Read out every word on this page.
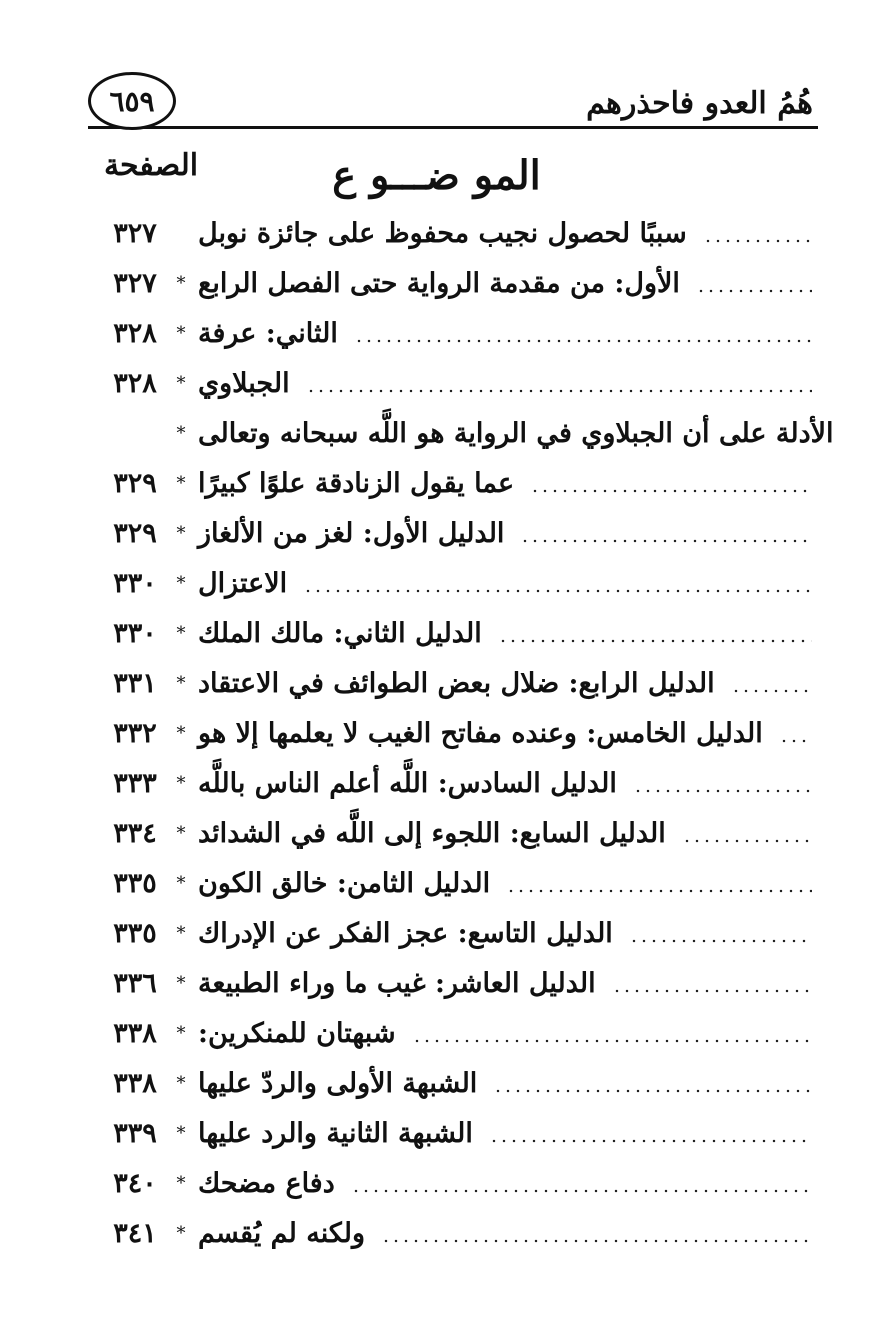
٦٥٩	هُمُ العدو فاحذرهم
المو ضـــو ع
الصفحة
سببًا لحصول نجيب محفوظ على جائزة نوبل
٣٢٧
* الأول: من مقدمة الرواية حتى الفصل الرابع
٣٢٧
* الثاني: عرفة
٣٢٨
* الجبلاوي
٣٢٨
* الأدلة على أن الجبلاوي في الرواية هو اللَّه سبحانه وتعالى
* عما يقول الزنادقة علوًا كبيرًا
٣٢٩
* الدليل الأول: لغز من الألغاز
٣٢٩
* الاعتزال
٣٣٠
* الدليل الثاني: مالك الملك
٣٣٠
* الدليل الرابع: ضلال بعض الطوائف في الاعتقاد
٣٣١
* الدليل الخامس: وعنده مفاتح الغيب لا يعلمها إلا هو
٣٣٢
* الدليل السادس: اللَّه أعلم الناس باللَّه
٣٣٣
* الدليل السابع: اللجوء إلى اللَّه في الشدائد
٣٣٤
* الدليل الثامن: خالق الكون
٣٣٥
* الدليل التاسع: عجز الفكر عن الإدراك
٣٣٥
* الدليل العاشر: غيب ما وراء الطبيعة
٣٣٦
* شبهتان للمنكرين:
٣٣٨
* الشبهة الأولى والردّ عليها
٣٣٨
* الشبهة الثانية والرد عليها
٣٣٩
* دفاع مضحك
٣٤٠
* ولكنه لم يُقسم
٣٤١
